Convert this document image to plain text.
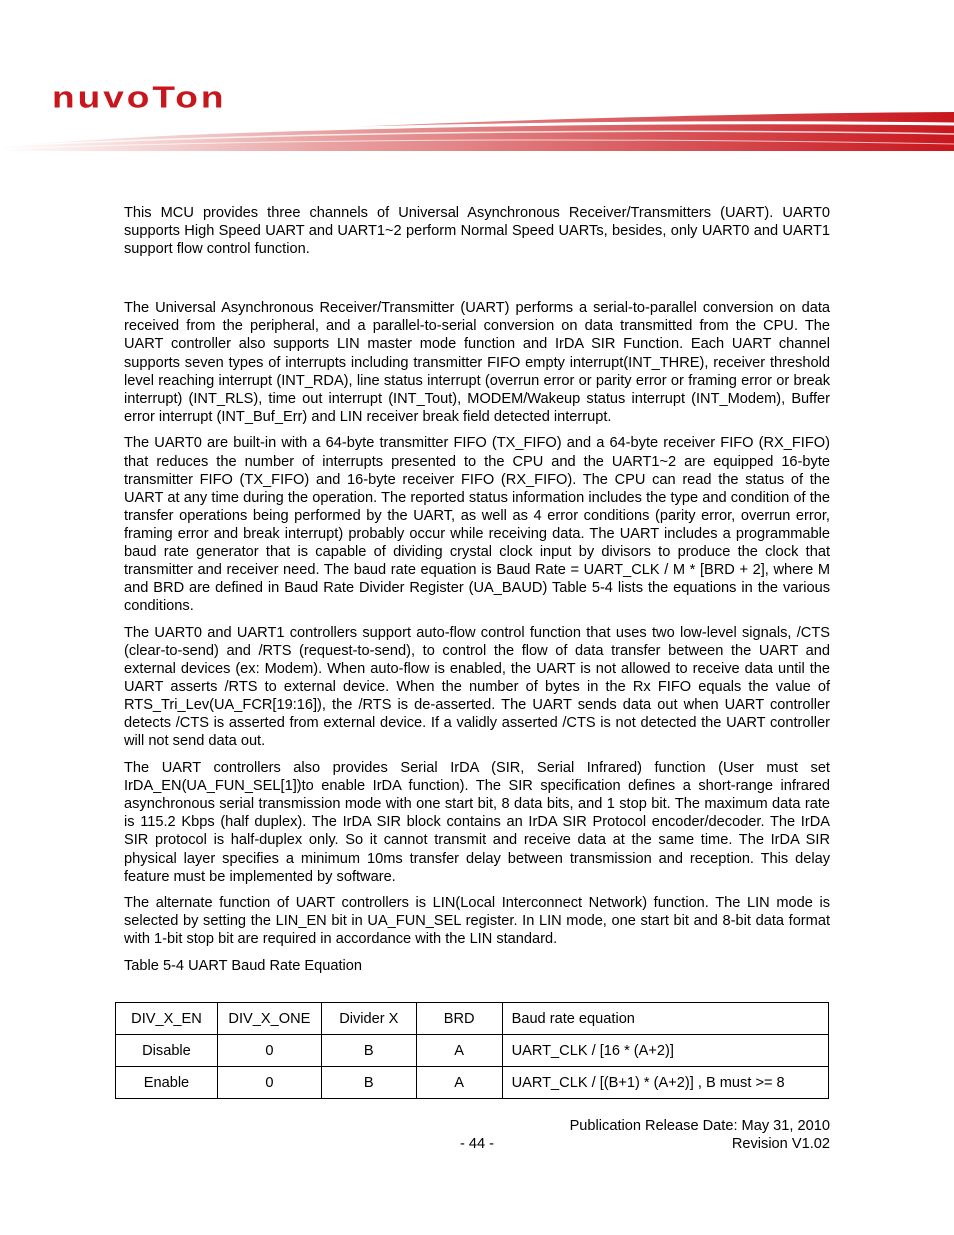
nuvoTon

This MCU provides three channels of Universal Asynchronous Receiver/Transmitters (UART). UART0 supports High Speed UART and UART1~2 perform Normal Speed UARTs, besides, only UART0 and UART1 support flow control function.

The Universal Asynchronous Receiver/Transmitter (UART) performs a serial-to-parallel conversion on data received from the peripheral, and a parallel-to-serial conversion on data transmitted from the CPU. The UART controller also supports LIN master mode function and IrDA SIR Function. Each UART channel supports seven types of interrupts including transmitter FIFO empty interrupt(INT_THRE), receiver threshold level reaching interrupt (INT_RDA), line status interrupt (overrun error or parity error or framing error or break interrupt) (INT_RLS), time out interrupt (INT_Tout), MODEM/Wakeup status interrupt (INT_Modem), Buffer error interrupt (INT_Buf_Err) and LIN receiver break field detected interrupt.

The UART0 are built-in with a 64-byte transmitter FIFO (TX_FIFO) and a 64-byte receiver FIFO (RX_FIFO) that reduces the number of interrupts presented to the CPU and the UART1~2 are equipped 16-byte transmitter FIFO (TX_FIFO) and 16-byte receiver FIFO (RX_FIFO). The CPU can read the status of the UART at any time during the operation. The reported status information includes the type and condition of the transfer operations being performed by the UART, as well as 4 error conditions (parity error, overrun error, framing error and break interrupt) probably occur while receiving data. The UART includes a programmable baud rate generator that is capable of dividing crystal clock input by divisors to produce the clock that transmitter and receiver need. The baud rate equation is Baud Rate = UART_CLK / M * [BRD + 2], where M and BRD are defined in Baud Rate Divider Register (UA_BAUD) Table 5-4 lists the equations in the various conditions.

The UART0 and UART1 controllers support auto-flow control function that uses two low-level signals, /CTS (clear-to-send) and /RTS (request-to-send), to control the flow of data transfer between the UART and external devices (ex: Modem). When auto-flow is enabled, the UART is not allowed to receive data until the UART asserts /RTS to external device. When the number of bytes in the Rx FIFO equals the value of RTS_Tri_Lev(UA_FCR[19:16]), the /RTS is de-asserted. The UART sends data out when UART controller detects /CTS is asserted from external device. If a validly asserted /CTS is not detected the UART controller will not send data out.

The UART controllers also provides Serial IrDA (SIR, Serial Infrared) function (User must set IrDA_EN(UA_FUN_SEL[1])to enable IrDA function). The SIR specification defines a short-range infrared asynchronous serial transmission mode with one start bit, 8 data bits, and 1 stop bit. The maximum data rate is 115.2 Kbps (half duplex). The IrDA SIR block contains an IrDA SIR Protocol encoder/decoder. The IrDA SIR protocol is half-duplex only. So it cannot transmit and receive data at the same time. The IrDA SIR physical layer specifies a minimum 10ms transfer delay between transmission and reception. This delay feature must be implemented by software.

The alternate function of UART controllers is LIN(Local Interconnect Network) function. The LIN mode is selected by setting the LIN_EN bit in UA_FUN_SEL register. In LIN mode, one start bit and 8-bit data format with 1-bit stop bit are required in accordance with the LIN standard.

Table 5-4 UART Baud Rate Equation
DIV_X_EN	DIV_X_ONE	Divider X	BRD	Baud rate equation
Disable	0	B	A	UART_CLK / [16 * (A+2)]
Enable	0	B	A	UART_CLK / [(B+1) * (A+2)] , B must >= 8
Publication Release Date: May 31, 2010
- 44 -	Revision V1.02
